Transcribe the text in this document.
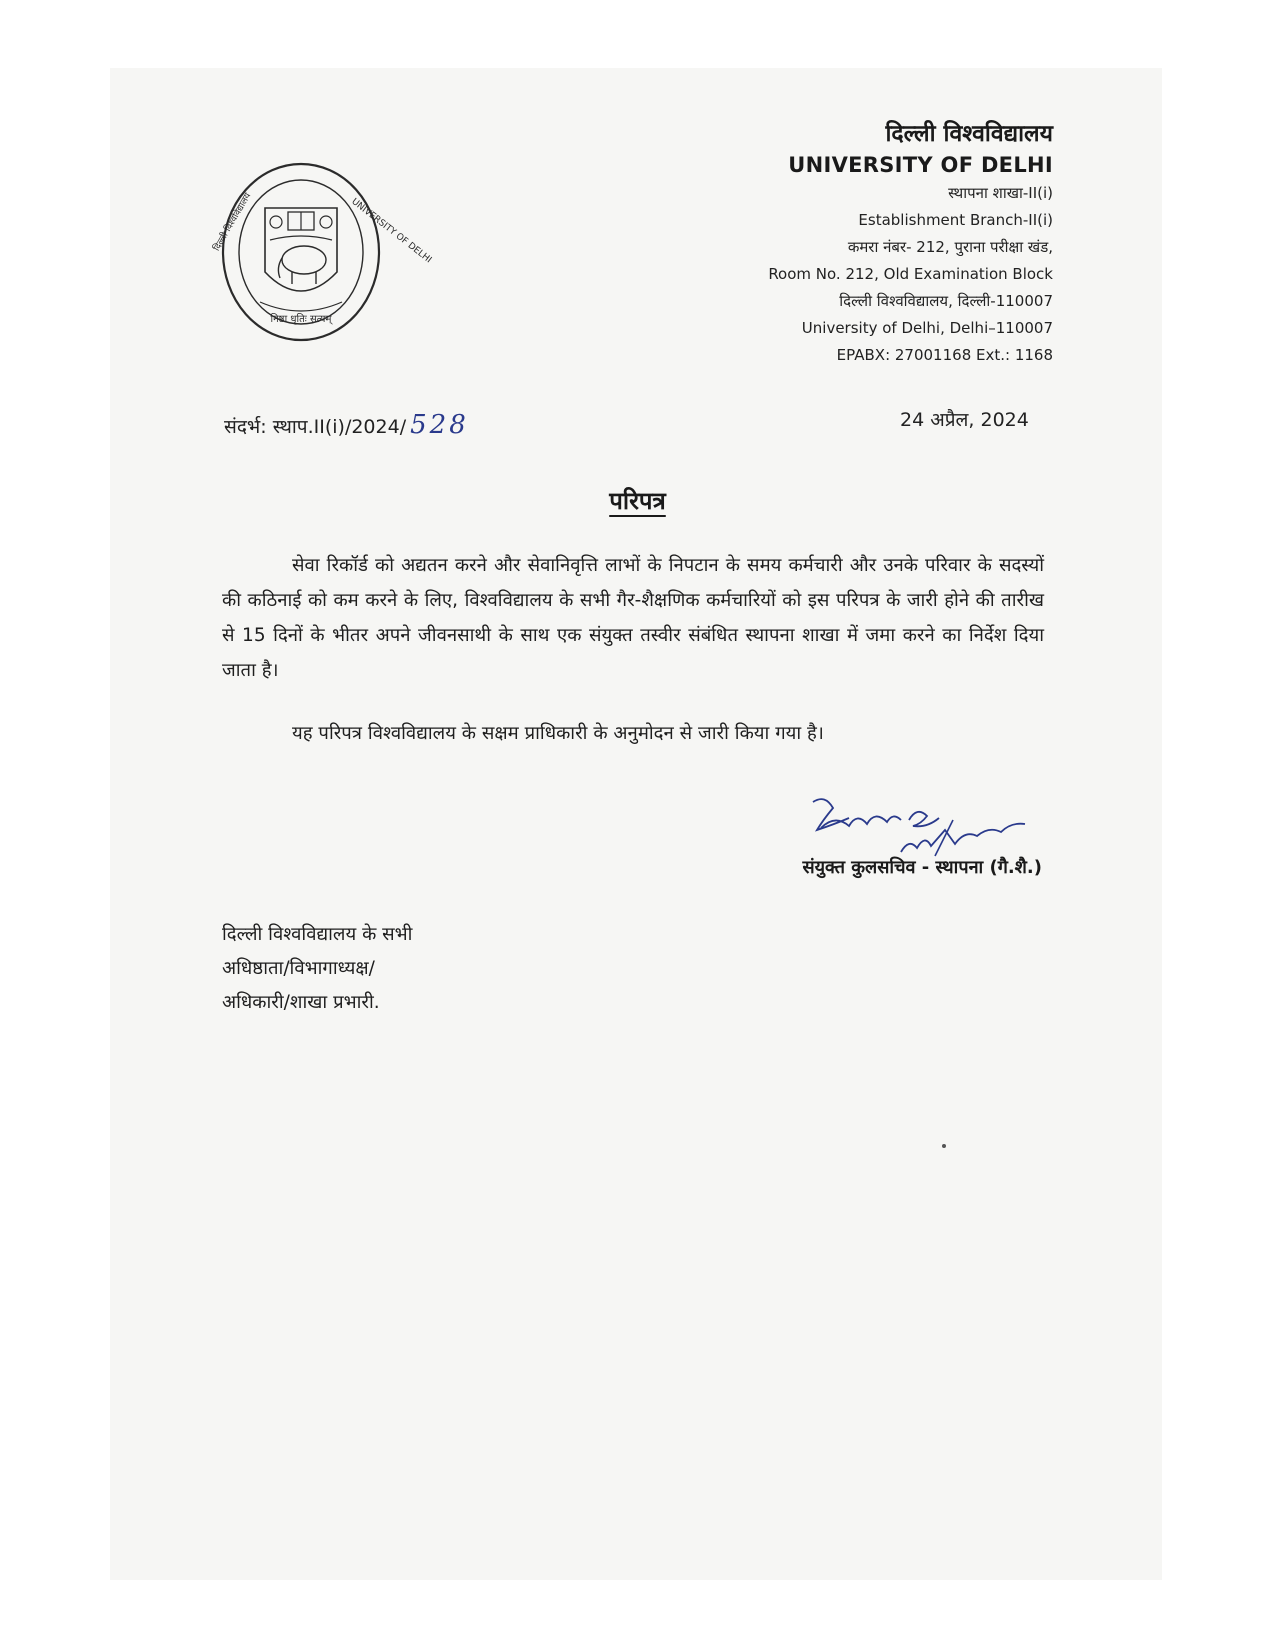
निष्ठा धृतिः सत्यम्
UNIVERSITY OF DELHI
दिल्ली विश्वविद्यालय
दिल्ली विश्वविद्यालय
UNIVERSITY OF DELHI
स्थापना शाखा-II(i)
Establishment Branch-II(i)
कमरा नंबर- 212, पुराना परीक्षा खंड,
Room No. 212, Old Examination Block
दिल्ली विश्वविद्यालय, दिल्ली-110007
University of Delhi, Delhi–110007
EPABX: 27001168 Ext.: 1168
संदर्भ: स्थाप.II(i)/2024/ 528	24 अप्रैल, 2024
परिपत्र
सेवा रिकॉर्ड को अद्यतन करने और सेवानिवृत्ति लाभों के निपटान के समय कर्मचारी और उनके परिवार के सदस्यों की कठिनाई को कम करने के लिए, विश्वविद्यालय के सभी गैर-शैक्षणिक कर्मचारियों को इस परिपत्र के जारी होने की तारीख से 15 दिनों के भीतर अपने जीवनसाथी के साथ एक संयुक्त तस्वीर संबंधित स्थापना शाखा में जमा करने का निर्देश दिया जाता है।
यह परिपत्र विश्वविद्यालय के सक्षम प्राधिकारी के अनुमोदन से जारी किया गया है।
संयुक्त कुलसचिव - स्थापना (गै.शै.)
दिल्ली विश्वविद्यालय के सभी
अधिष्ठाता/विभागाध्यक्ष/
अधिकारी/शाखा प्रभारी.
